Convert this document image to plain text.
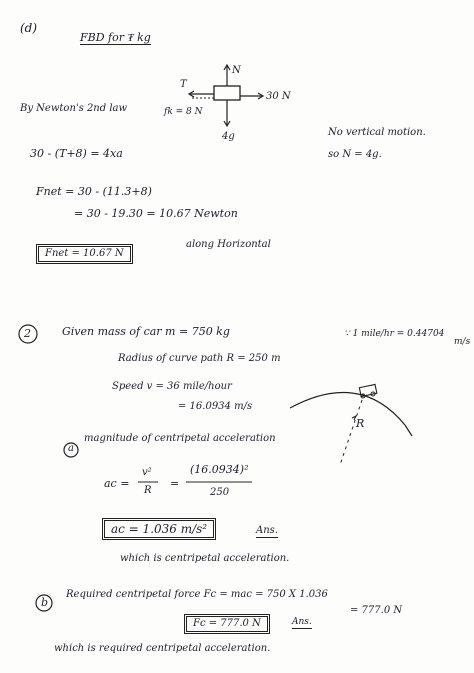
(d)
FBD for ₮ kg
N
T
30 N
fk = 8 N
4g
By Newton's 2nd law
30 - (T+8) = 4xa
No vertical motion.
so N = 4g.
Fnet = 30 - (11.3+8)
= 30 - 19.30 = 10.67 Newton
Fnet = 10.67 N
along Horizontal
2	Given mass of car m = 750 kg	∵ 1 mile/hr = 0.44704
m/s
Radius of curve path R = 250 m
Speed v = 36 mile/hour
= 16.0934 m/s
R
a
magnitude of centripetal acceleration
ac =
v²
R
=
(16.0934)²
250
ac = 1.036 m/s²	Ans.
which is centripetal acceleration.
b
Required centripetal force Fc = mac = 750 X 1.036
= 777.0 N
Fc = 777.0 N	Ans.
which is required centripetal acceleration.
